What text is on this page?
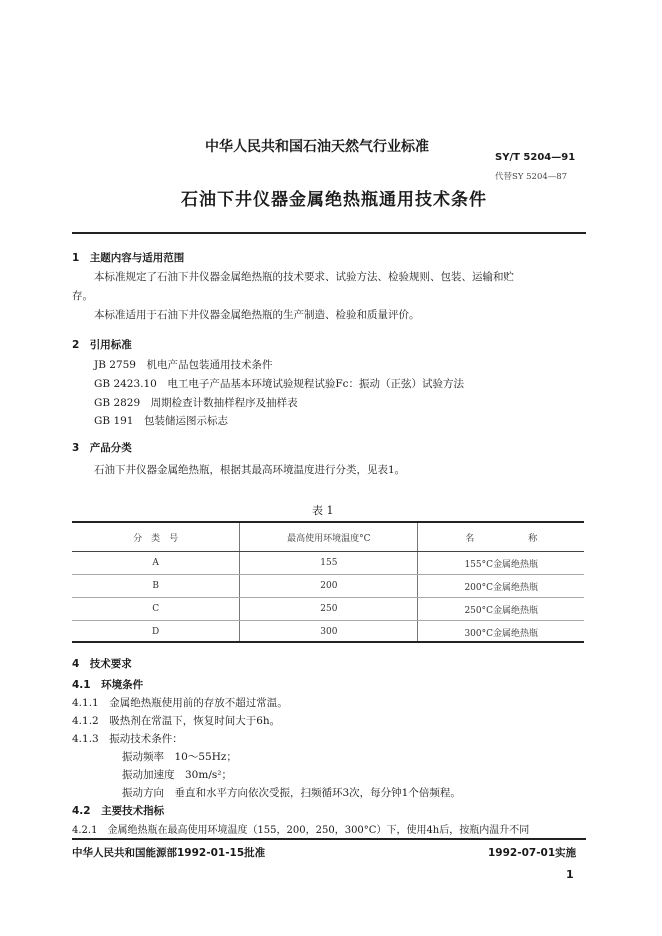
中华人民共和国石油天然气行业标准
SY/T 5204—91
代替SY 5204—87
石油下井仪器金属绝热瓶通用技术条件
1　主题内容与适用范围
本标准规定了石油下井仪器金属绝热瓶的技术要求、试验方法、检验规则、包装、运输和贮
存。
本标准适用于石油下井仪器金属绝热瓶的生产制造、检验和质量评价。
2　引用标准
JB 2759　机电产品包装通用技术条件
GB 2423.10　电工电子产品基本环境试验规程试验Fc：振动（正弦）试验方法
GB 2829　周期检查计数抽样程序及抽样表
GB 191　包装储运图示标志
3　产品分类
石油下井仪器金属绝热瓶，根据其最高环境温度进行分类，见表1。
表 1
分　类　号	最高使用环境温度°C	名　　　　　　称
A	155	155°C金属绝热瓶
B	200	200°C金属绝热瓶
C	250	250°C金属绝热瓶
D	300	300°C金属绝热瓶
4　技术要求
4.1　环境条件
4.1.1　金属绝热瓶使用前的存放不超过常温。
4.1.2　吸热剂在常温下，恢复时间大于6h。
4.1.3　振动技术条件：
振动频率　10～55Hz；
振动加速度　30m/s²；
振动方向　垂直和水平方向依次受振，扫频循环3次，每分钟1个倍频程。
4.2　主要技术指标
4.2.1　金属绝热瓶在最高使用环境温度（155，200，250，300°C）下，使用4h后，按瓶内温升不同
中华人民共和国能源部1992-01-15批准	1992-07-01实施
1
